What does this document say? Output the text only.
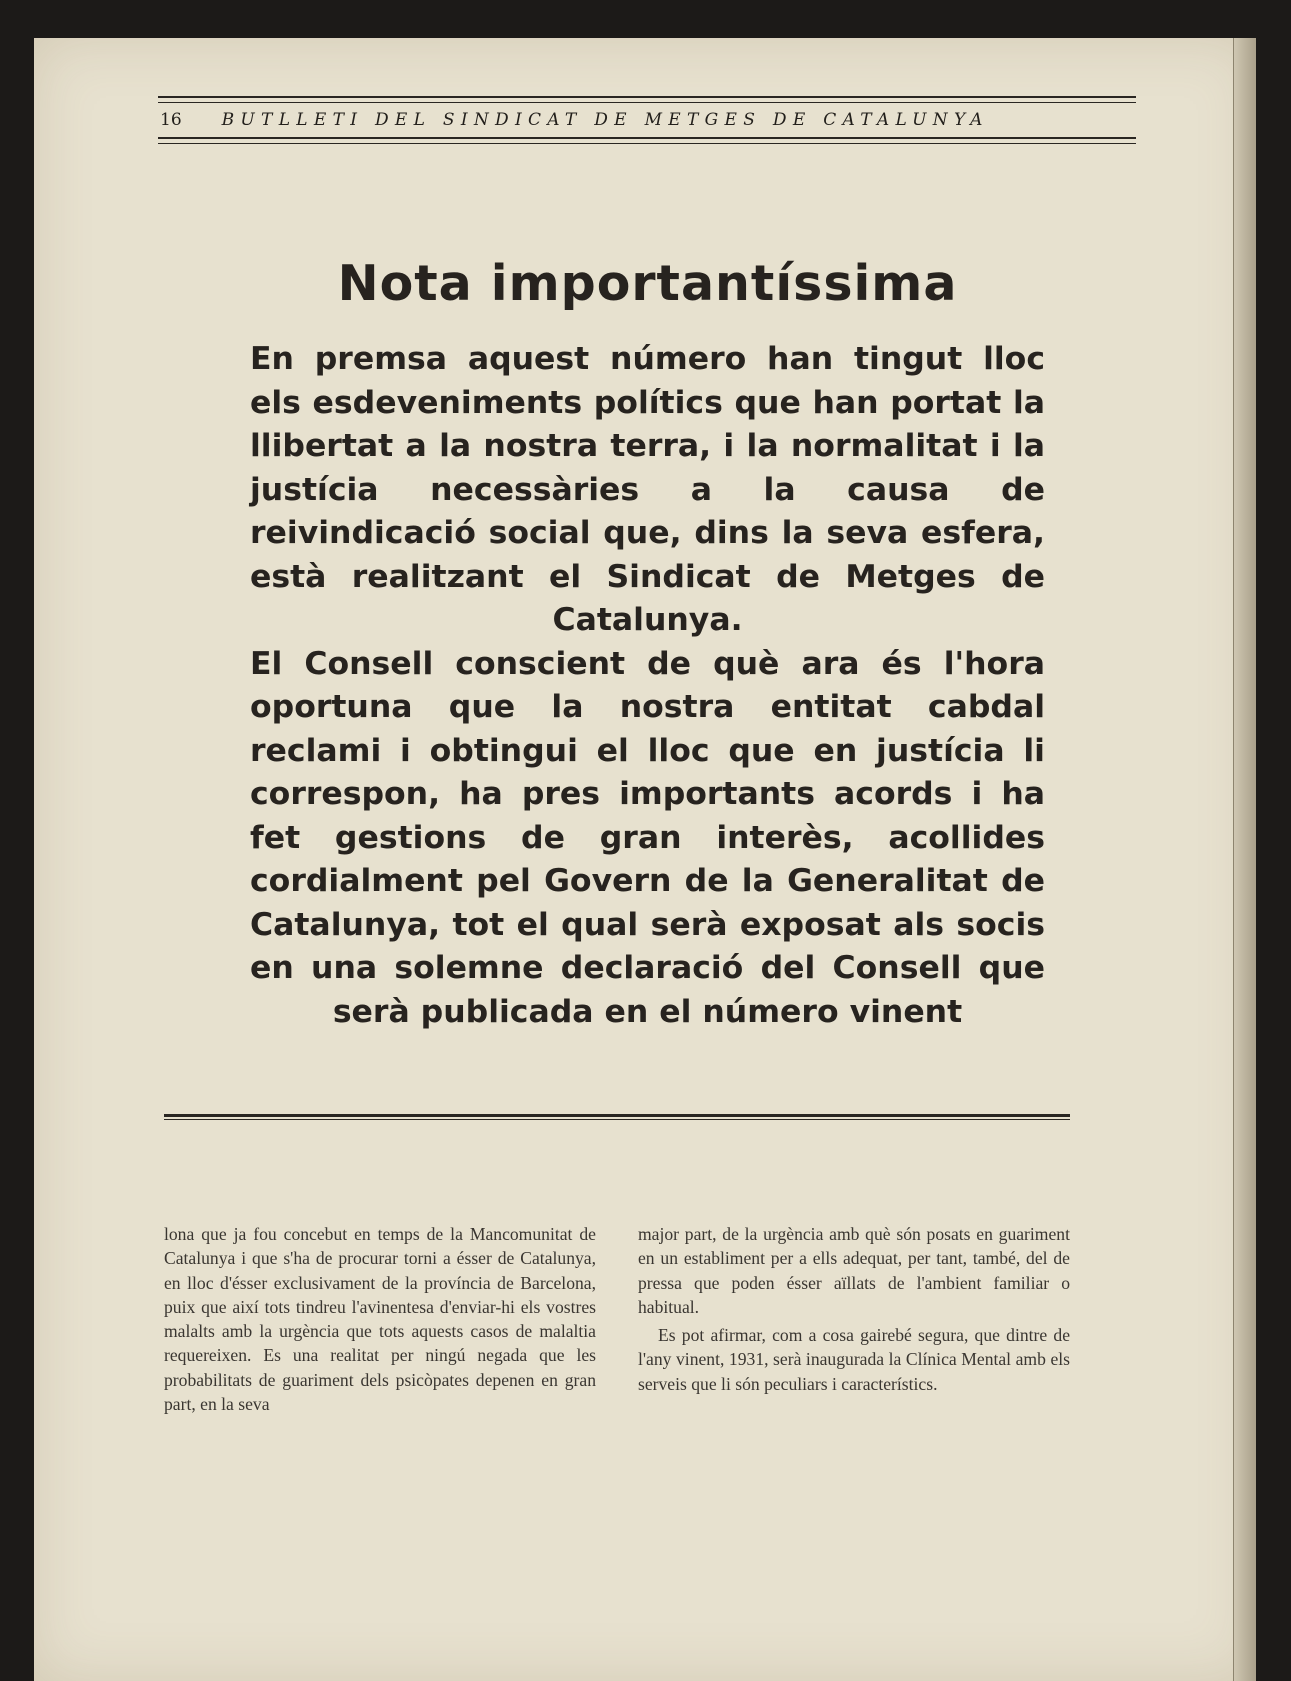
16 BUTLLETI DEL SINDICAT DE METGES DE CATALUNYA
Nota importantíssima

En premsa aquest número han tingut lloc els esdeveniments polítics que han portat la llibertat a la nostra terra, i la normalitat i la justícia necessàries a la causa de reivindicació social que, dins la seva esfera, està realitzant el Sindicat de Metges de Catalunya.

El Consell conscient de què ara és l'hora oportuna que la nostra entitat cabdal reclami i obtingui el lloc que en justícia li correspon, ha pres importants acords i ha fet gestions de gran interès, acollides cordialment pel Govern de la Generalitat de Catalunya, tot el qual serà exposat als socis en una solemne declaració del Consell que serà publicada en el número vinent

lona que ja fou concebut en temps de la Mancomunitat de Catalunya i que s'ha de procurar torni a ésser de Catalunya, en lloc d'ésser exclusivament de la província de Barcelona, puix que així tots tindreu l'avinentesa d'enviar-hi els vostres malalts amb la urgència que tots aquests casos de malaltia requereixen. Es una realitat per ningú negada que les probabilitats de guariment dels psicòpates depenen en gran part, en la seva

major part, de la urgència amb què són posats en guariment en un establiment per a ells adequat, per tant, també, del de pressa que poden ésser aïllats de l'ambient familiar o habitual.

Es pot afirmar, com a cosa gairebé segura, que dintre de l'any vinent, 1931, serà inaugurada la Clínica Mental amb els serveis que li són peculiars i característics.
